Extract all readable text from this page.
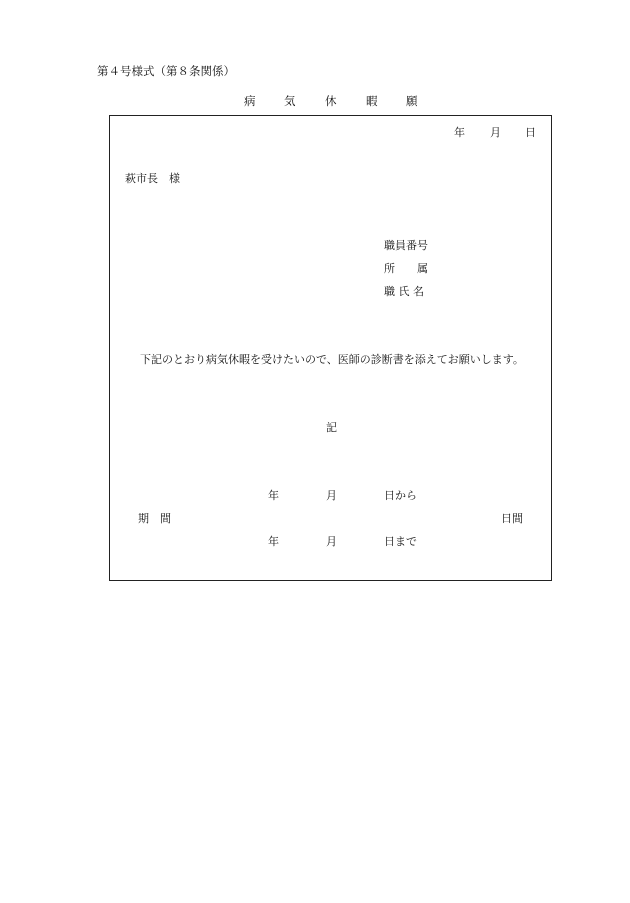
第４号様式（第８条関係）
病 気	休	暇 願
年 月 日
萩市長　様
職員番号
所　　属
職 氏 名
下記のとおり病気休暇を受けたいので、医師の診断書を添えてお願いします。
記
年	月	日から
期　間	日間
年	月	日まで
